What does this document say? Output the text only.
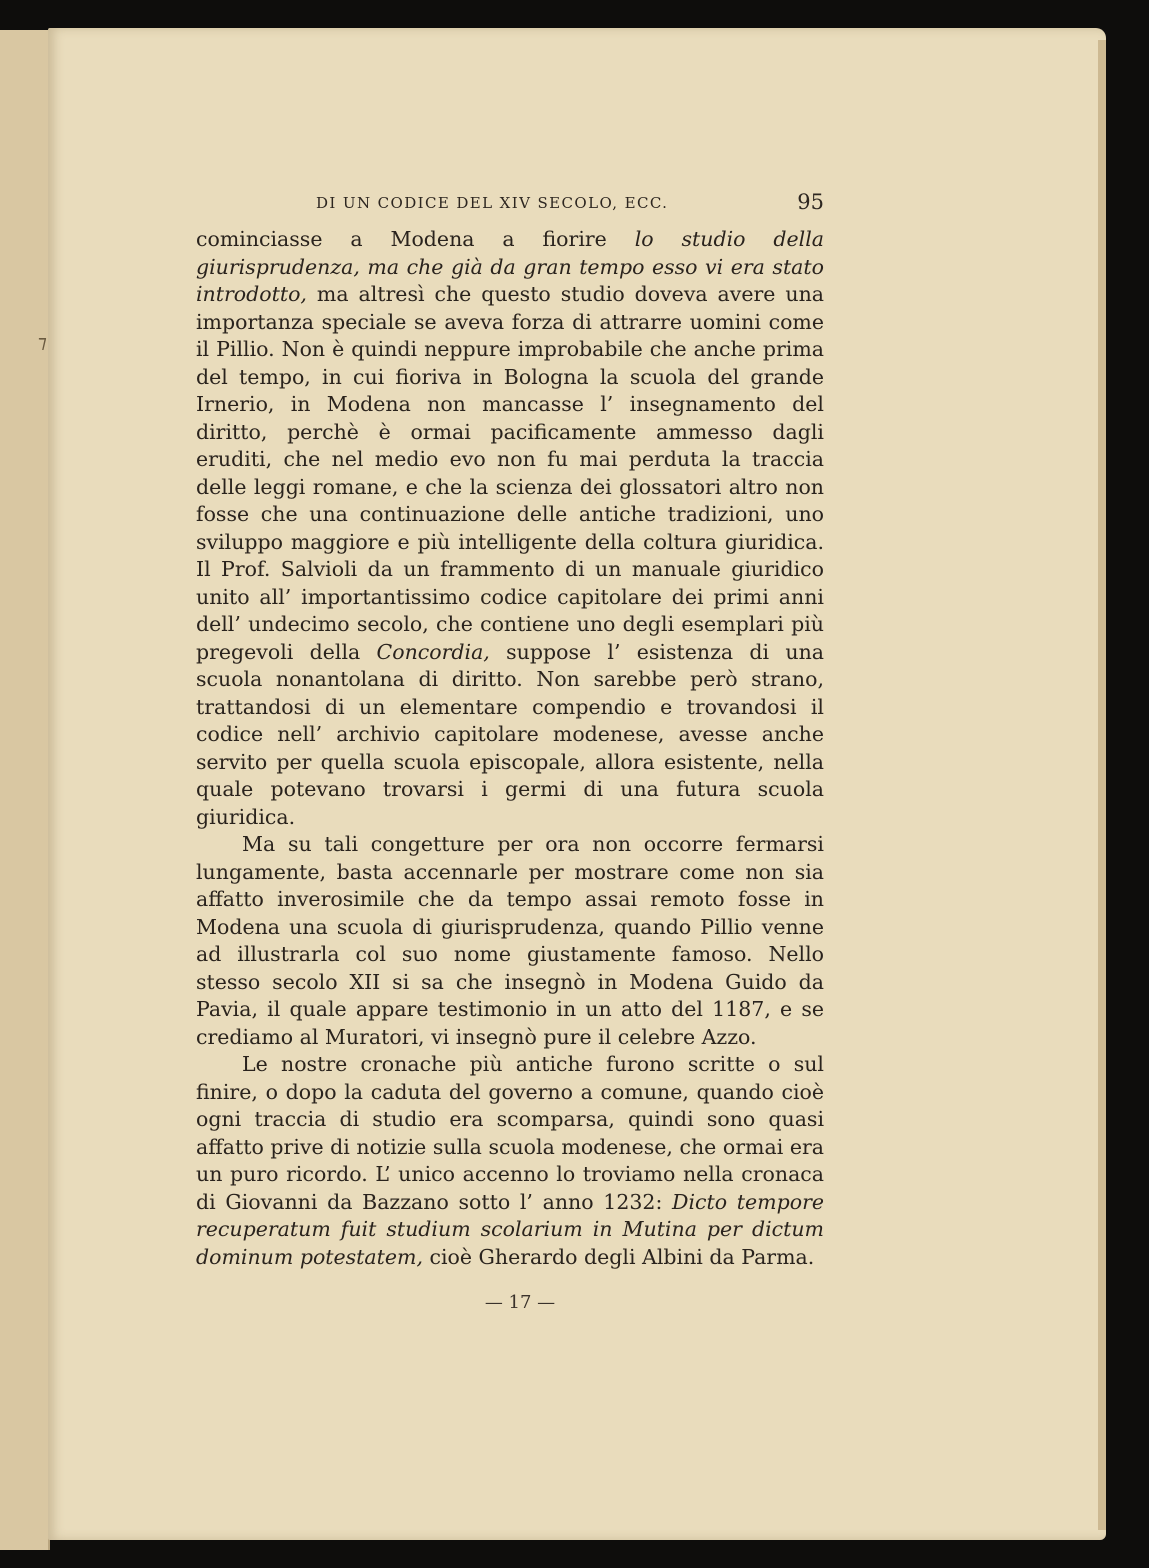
⁊
DI UN CODICE DEL XIV SECOLO, ECC.	95

cominciasse a Modena a fiorire lo studio della giurisprudenza, ma che già da gran tempo esso vi era stato introdotto, ma altresì che questo studio doveva avere una importanza speciale se aveva forza di attrarre uomini come il Pillio. Non è quindi neppure improbabile che anche prima del tempo, in cui fioriva in Bologna la scuola del grande Irnerio, in Modena non mancasse l’ insegnamento del diritto, perchè è ormai pacificamente ammesso dagli eruditi, che nel medio evo non fu mai perduta la traccia delle leggi romane, e che la scienza dei glossatori altro non fosse che una continuazione delle antiche tradizioni, uno sviluppo maggiore e più intelligente della coltura giuridica. Il Prof. Salvioli da un frammento di un manuale giuridico unito all’ importantissimo codice capitolare dei primi anni dell’ undecimo secolo, che contiene uno degli esemplari più pregevoli della Concordia, suppose l’ esistenza di una scuola nonantolana di diritto. Non sarebbe però strano, trattandosi di un elementare compendio e trovandosi il codice nell’ archivio capitolare modenese, avesse anche servito per quella scuola episcopale, allora esistente, nella quale potevano trovarsi i germi di una futura scuola giuridica.

Ma su tali congetture per ora non occorre fermarsi lungamente, basta accennarle per mostrare come non sia affatto inverosimile che da tempo assai remoto fosse in Modena una scuola di giurisprudenza, quando Pillio venne ad illustrarla col suo nome giustamente famoso. Nello stesso secolo XII si sa che insegnò in Modena Guido da Pavia, il quale appare testimonio in un atto del 1187, e se crediamo al Muratori, vi insegnò pure il celebre Azzo.

Le nostre cronache più antiche furono scritte o sul finire, o dopo la caduta del governo a comune, quando cioè ogni traccia di studio era scomparsa, quindi sono quasi affatto prive di notizie sulla scuola modenese, che ormai era un puro ricordo. L’ unico accenno lo troviamo nella cronaca di Giovanni da Bazzano sotto l’ anno 1232: Dicto tempore recuperatum fuit studium scolarium in Mutina per dictum dominum potestatem, cioè Gherardo degli Albini da Parma.

— 17 —
